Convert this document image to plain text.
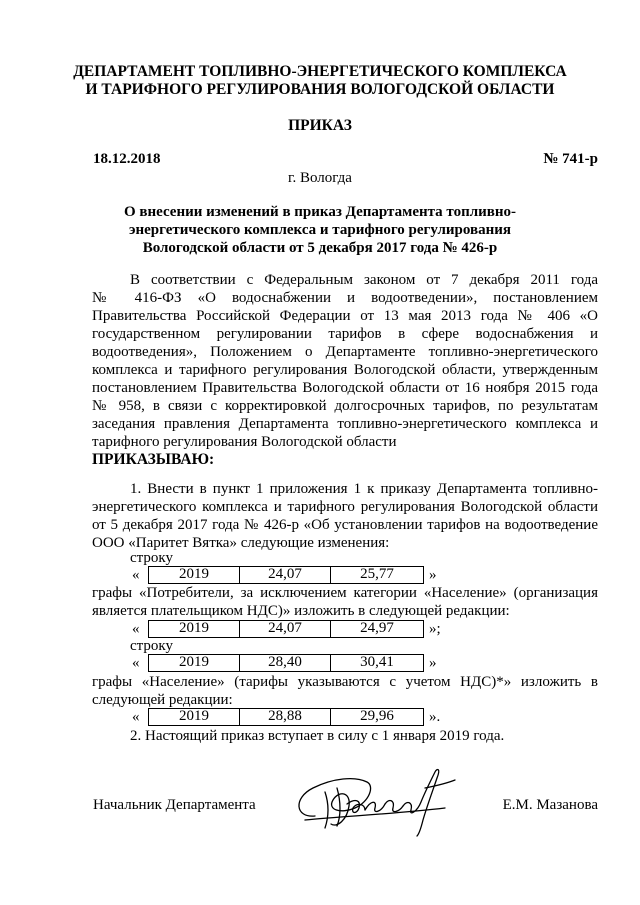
ДЕПАРТАМЕНТ ТОПЛИВНО-ЭНЕРГЕТИЧЕСКОГО КОМПЛЕКСА
И ТАРИФНОГО РЕГУЛИРОВАНИЯ ВОЛОГОДСКОЙ ОБЛАСТИ
ПРИКАЗ
18.12.2018	№ 741-р
г. Вологда
О внесении изменений в приказ Департамента топливно-
энергетического комплекса и тарифного регулирования
Вологодской области от 5 декабря 2017 года № 426-р
В соответствии с Федеральным законом от 7 декабря 2011 года
№ 416-ФЗ «О водоснабжении и водоотведении», постановлением
Правительства Российской Федерации от 13 мая 2013 года № 406 «О
государственном регулировании тарифов в сфере водоснабжения и
водоотведения», Положением о Департаменте топливно-энергетического
комплекса и тарифного регулирования Вологодской области, утвержденным
постановлением Правительства Вологодской области от 16 ноября 2015 года
№ 958, в связи с корректировкой долгосрочных тарифов, по результатам
заседания правления Департамента топливно-энергетического комплекса и
тарифного регулирования Вологодской области
ПРИКАЗЫВАЮ:
1. Внести в пункт 1 приложения 1 к приказу Департамента топливно-
энергетического комплекса и тарифного регулирования Вологодской области
от 5 декабря 2017 года № 426-р «Об установлении тарифов на водоотведение
ООО «Паритет Вятка» следующие изменения:
строку
«	2019	24,07	25,77	»
графы «Потребители, за исключением категории «Население» (организация
является плательщиком НДС)» изложить в следующей редакции:
«	2019	24,07	24,97	»;
строку
«	2019	28,40	30,41	»
графы «Население» (тарифы указываются с учетом НДС)*» изложить в
следующей редакции:
«	2019	28,88	29,96	».
2. Настоящий приказ вступает в силу с 1 января 2019 года.
Начальник Департамента	Е.М. Мазанова
